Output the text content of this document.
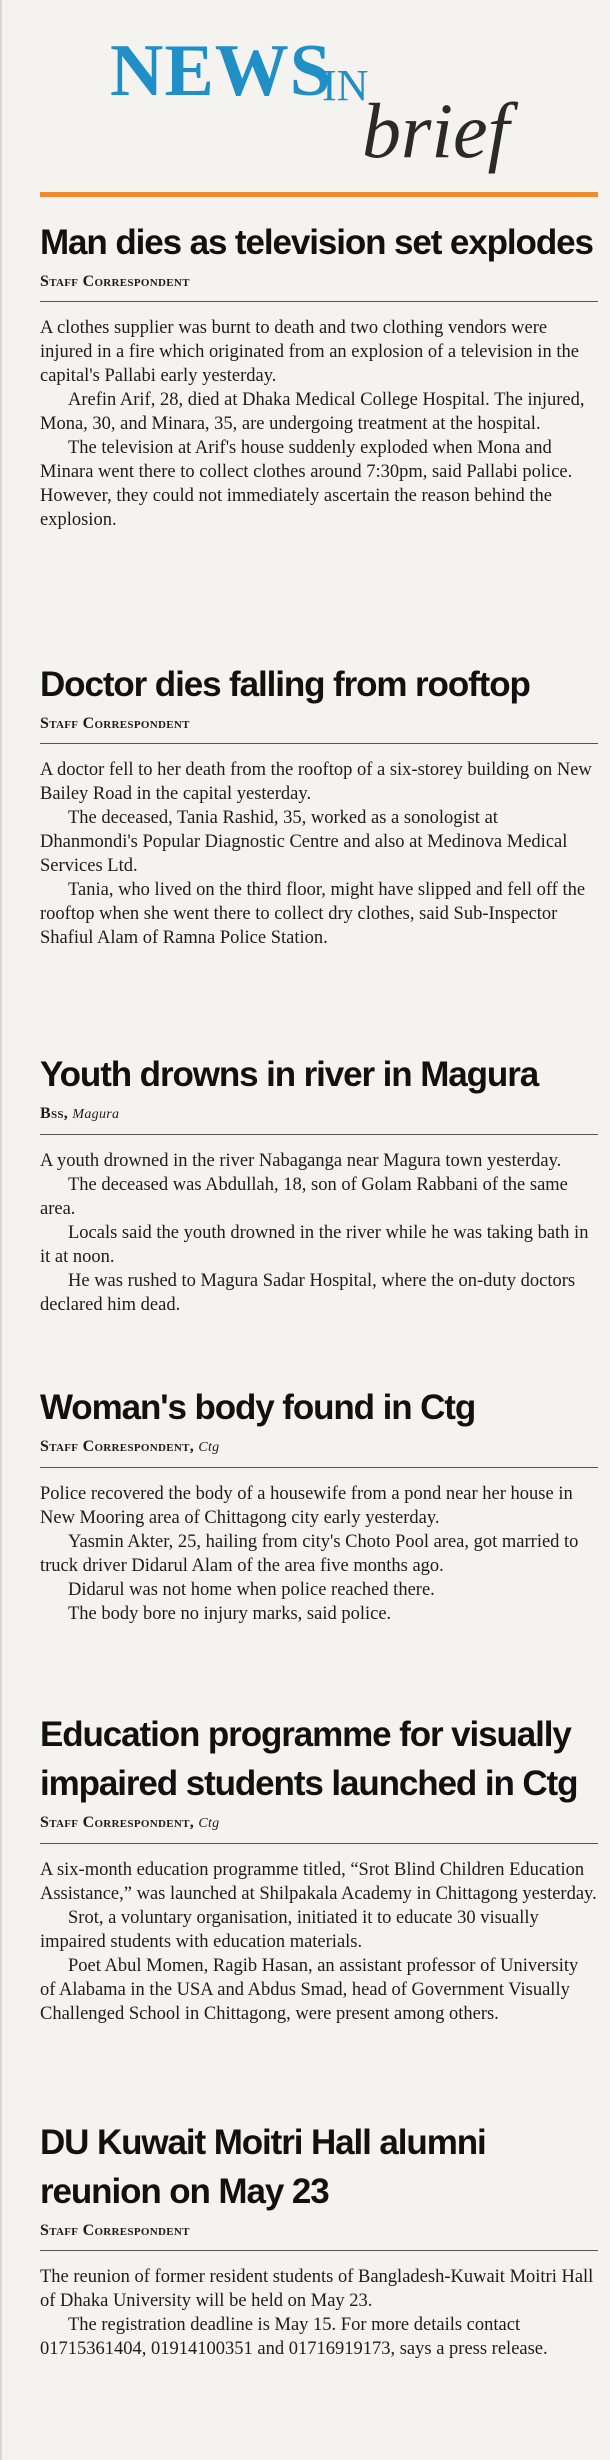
NEWS
IN
brief
Man dies as television set explodes
Staff Correspondent

A clothes supplier was burnt to death and two clothing vendors were injured in a fire which originated from an explosion of a television in the capital's Pallabi early yesterday.

Arefin Arif, 28, died at Dhaka Medical College Hospital. The injured, Mona, 30, and Minara, 35, are undergoing treatment at the hospital.

The television at Arif's house suddenly exploded when Mona and Minara went there to collect clothes around 7:30pm, said Pallabi police. However, they could not immediately ascertain the reason behind the explosion.

Doctor dies falling from rooftop
Staff Correspondent

A doctor fell to her death from the rooftop of a six-storey building on New Bailey Road in the capital yesterday.

The deceased, Tania Rashid, 35, worked as a sonologist at Dhanmondi's Popular Diagnostic Centre and also at Medinova Medical Services Ltd.

Tania, who lived on the third floor, might have slipped and fell off the rooftop when she went there to collect dry clothes, said Sub-Inspector Shafiul Alam of Ramna Police Station.

Youth drowns in river in Magura
Bss, Magura

A youth drowned in the river Nabaganga near Magura town yesterday.

The deceased was Abdullah, 18, son of Golam Rabbani of the same area.

Locals said the youth drowned in the river while he was taking bath in it at noon.

He was rushed to Magura Sadar Hospital, where the on-duty doctors declared him dead.

Woman's body found in Ctg
Staff Correspondent, Ctg

Police recovered the body of a housewife from a pond near her house in New Mooring area of Chittagong city early yesterday.

Yasmin Akter, 25, hailing from city's Choto Pool area, got married to truck driver Didarul Alam of the area five months ago.

Didarul was not home when police reached there.

The body bore no injury marks, said police.

Education programme for visually impaired students launched in Ctg
Staff Correspondent, Ctg

A six-month education programme titled, “Srot Blind Children Education Assistance,” was launched at Shilpakala Academy in Chittagong yesterday.

Srot, a voluntary organisation, initiated it to educate 30 visually impaired students with education materials.

Poet Abul Momen, Ragib Hasan, an assistant professor of University of Alabama in the USA and Abdus Smad, head of Government Visually Challenged School in Chittagong, were present among others.

DU Kuwait Moitri Hall alumni reunion on May 23
Staff Correspondent

The reunion of former resident students of Bangladesh-Kuwait Moitri Hall of Dhaka University will be held on May 23.

The registration deadline is May 15. For more details contact 01715361404, 01914100351 and 01716919173, says a press release.
